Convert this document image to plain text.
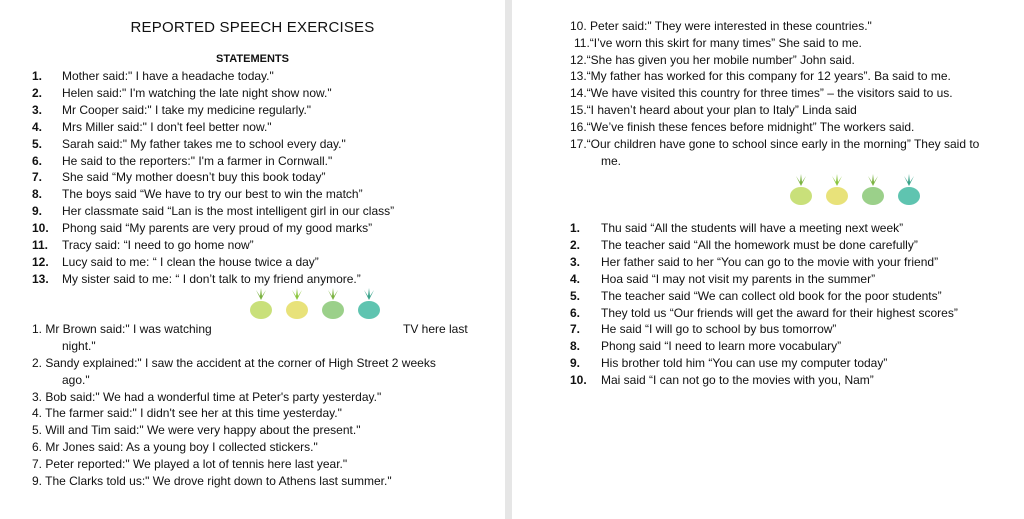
REPORTED SPEECH EXERCISES
STATEMENTS
1. Mother said:" I have a headache today."
2. Helen said:" I'm watching the late night show now."
3. Mr Cooper said:" I take my medicine regularly."
4. Mrs Miller said:" I don't feel better now."
5. Sarah said:" My father takes me to school every day."
6. He said to the reporters:" I'm a farmer in Cornwall."
7. She said “My mother doesn’t buy this book today”
8. The boys said “We have to try our best to win the match”
9. Her classmate said “Lan is the most intelligent girl in our class”
10. Phong said “My parents are very proud of my good marks”
11. Tracy said: “I need to go home now”
12. Lucy said to me: “ I clean the house twice a day”
13. My sister said to me: “ I don’t talk to my friend anymore.”
1. Mr Brown said:" I was watching	TV here last
night."
2. Sandy explained:" I saw the accident at the corner of High Street 2 weeks
ago."
3. Bob said:" We had a wonderful time at Peter's party yesterday."
4. The farmer said:" I didn't see her at this time yesterday."
5. Will and Tim said:" We were very happy about the present."
6. Mr Jones said: As a young boy I collected stickers."
7. Peter reported:" We played a lot of tennis here last year."
9. The Clarks told us:" We drove right down to Athens last summer."
10. Peter said:" They were interested in these countries."
11.“I’ve worn this skirt for many times” She said to me.
12.“She has given you her mobile number” John said.
13.“My father has worked for this company for 12 years”. Ba said to me.
14.“We have visited this country for three times” – the visitors said to us.
15.“I haven’t heard about your plan to Italy” Linda said
16.“We’ve finish these fences before midnight” The workers said.
17.“Our children have gone to school since early in the morning” They said to
me.
1. Thu said “All the students will have a meeting next week”
2. The teacher said “All the homework must be done carefully”
3. Her father said to her “You can go to the movie with your friend”
4. Hoa said “I may not visit my parents in the summer”
5. The teacher said “We can collect old book for the poor students”
6. They told us “Our friends will get the award for their highest scores”
7. He said “I will go to school by bus tomorrow”
8. Phong said “I need to learn more vocabulary”
9. His brother told him “You can use my computer today”
10. Mai said “I can not go to the movies with you, Nam”
